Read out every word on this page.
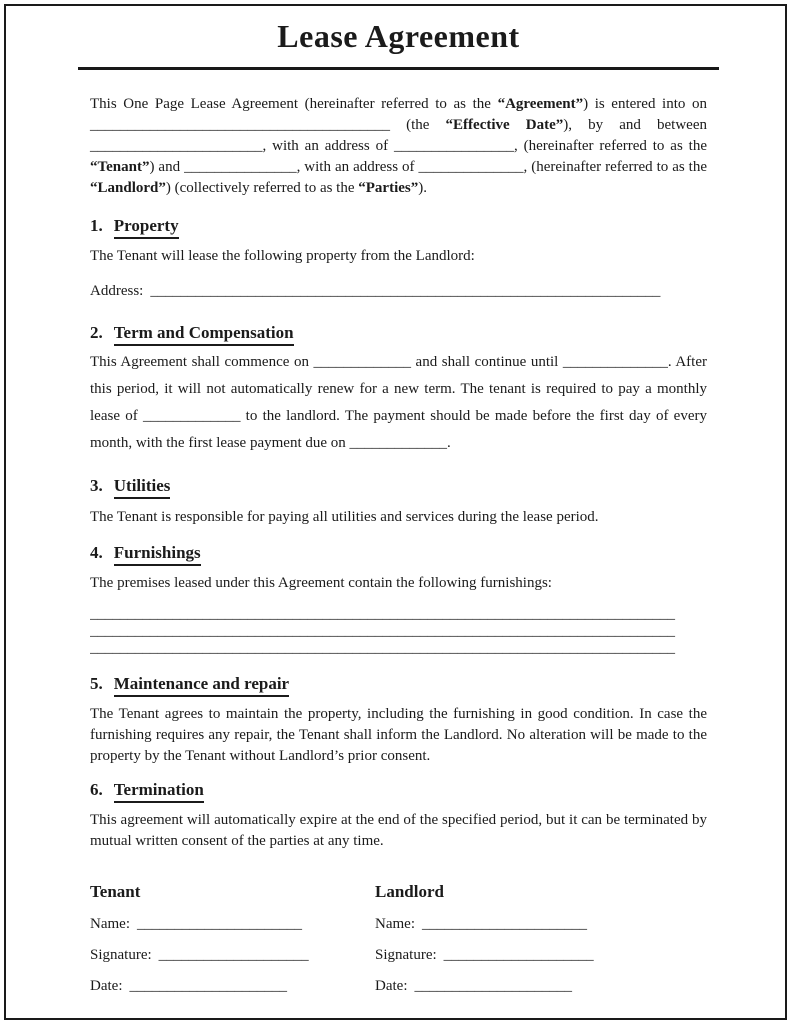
Lease Agreement

This One Page Lease Agreement (hereinafter referred to as the “Agreement”) is entered into on ________________________________________ (the “Effective Date”), by and between _______________________, with an address of ________________, (hereinafter referred to as the “Tenant”) and _______________, with an address of ______________, (hereinafter referred to as the “Landlord”) (collectively referred to as the “Parties”).

1. Property

The Tenant will lease the following property from the Landlord:

Address: ____________________________________________________________________

2. Term and Compensation

This Agreement shall commence on _____________ and shall continue until ______________. After this period, it will not automatically renew for a new term. The tenant is required to pay a monthly lease of _____________ to the landlord. The payment should be made before the first day of every month, with the first lease payment due on _____________.

3. Utilities

The Tenant is responsible for paying all utilities and services during the lease period.

4. Furnishings

The premises leased under this Agreement contain the following furnishings:

______________________________________________________________________________

______________________________________________________________________________

______________________________________________________________________________

5. Maintenance and repair

The Tenant agrees to maintain the property, including the furnishing in good condition. In case the furnishing requires any repair, the Tenant shall inform the Landlord. No alteration will be made to the property by the Tenant without Landlord’s prior consent.

6. Termination

This agreement will automatically expire at the end of the specified period, but it can be terminated by mutual written consent of the parties at any time.

Tenant
Name: ______________________
Signature: ____________________
Date: _____________________
Landlord
Name: ______________________
Signature: ____________________
Date: _____________________
